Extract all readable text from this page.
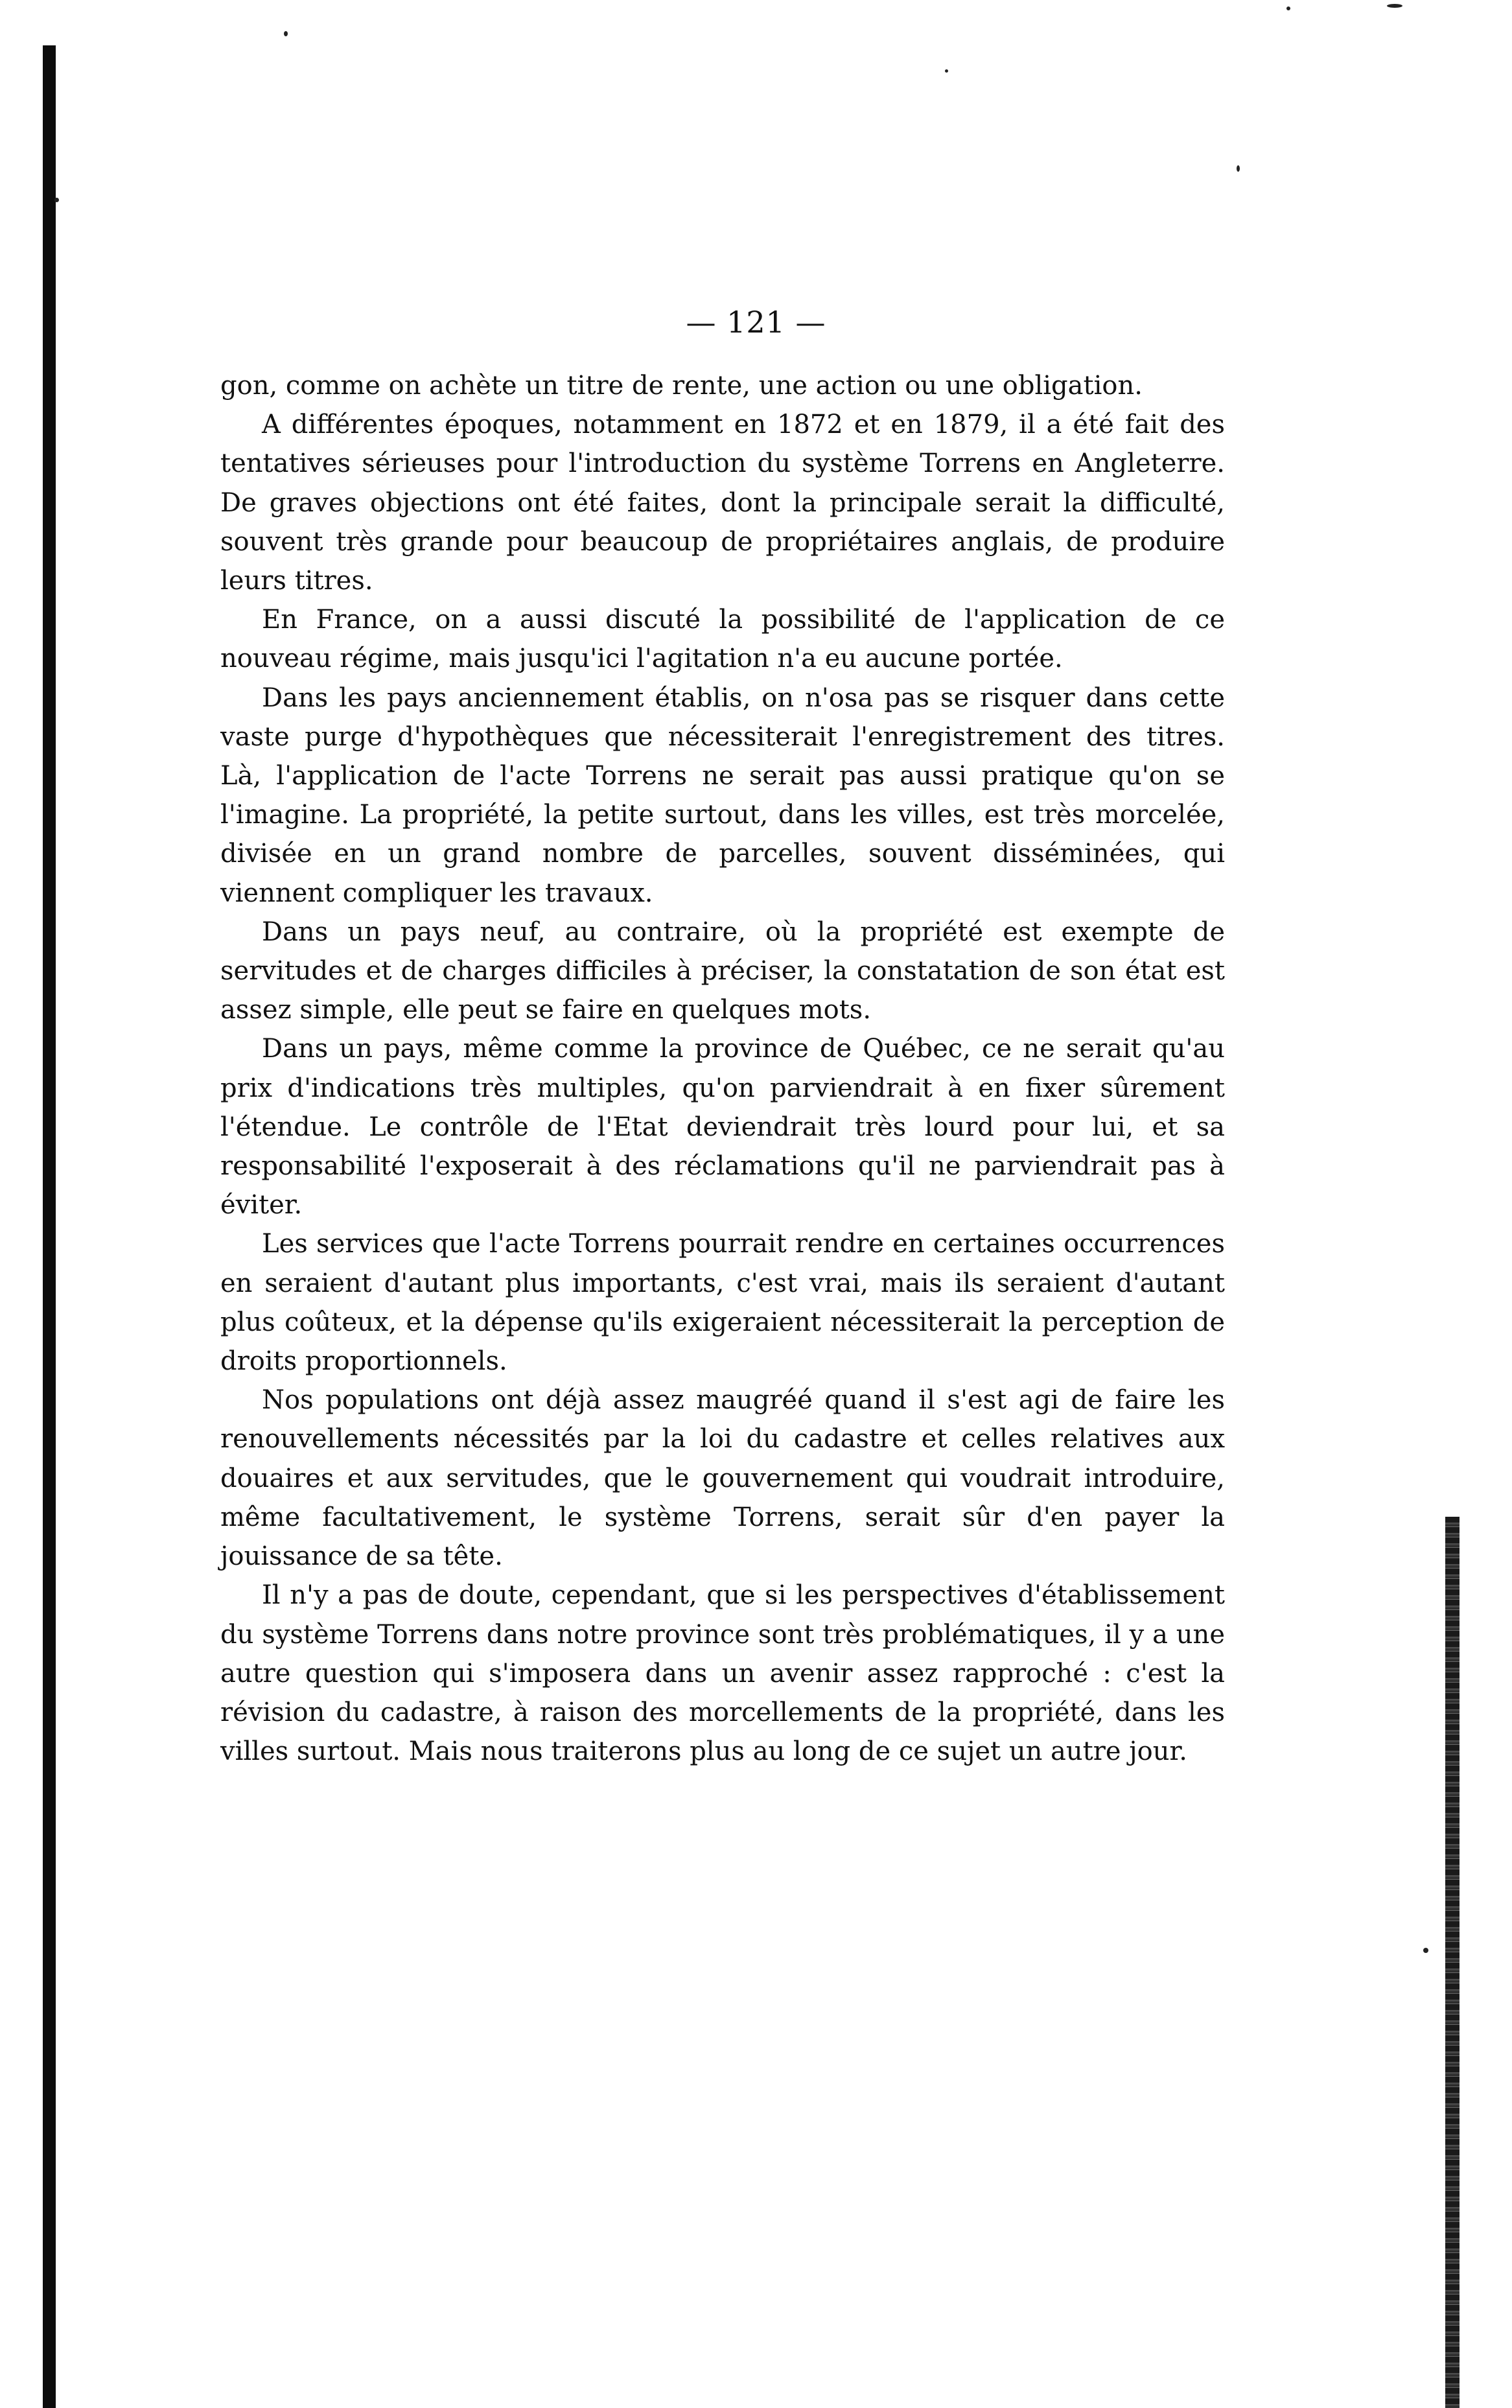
— 121 —

gon, comme on achète un titre de rente, une action ou une obligation.

A différentes époques, notamment en 1872 et en 1879, il a été fait des tentatives sérieuses pour l'introduction du système Torrens en Angleterre. De graves objections ont été faites, dont la principale serait la difficulté, souvent très grande pour beaucoup de propriétaires anglais, de produire leurs titres.

En France, on a aussi discuté la possibilité de l'application de ce nouveau régime, mais jusqu'ici l'agitation n'a eu aucune portée.

Dans les pays anciennement établis, on n'osa pas se risquer dans cette vaste purge d'hypothèques que nécessiterait l'enregistrement des titres. Là, l'application de l'acte Torrens ne serait pas aussi pratique qu'on se l'imagine. La propriété, la petite surtout, dans les villes, est très morcelée, divisée en un grand nombre de parcelles, souvent disséminées, qui viennent compliquer les travaux.

Dans un pays neuf, au contraire, où la propriété est exempte de servitudes et de charges difficiles à préciser, la constatation de son état est assez simple, elle peut se faire en quelques mots.

Dans un pays, même comme la province de Québec, ce ne serait qu'au prix d'indications très multiples, qu'on parviendrait à en fixer sûrement l'étendue. Le contrôle de l'Etat deviendrait très lourd pour lui, et sa responsabilité l'exposerait à des réclamations qu'il ne parviendrait pas à éviter.

Les services que l'acte Torrens pourrait rendre en certaines occurrences en seraient d'autant plus importants, c'est vrai, mais ils seraient d'autant plus coûteux, et la dépense qu'ils exigeraient nécessiterait la perception de droits proportionnels.

Nos populations ont déjà assez maugréé quand il s'est agi de faire les renouvellements nécessités par la loi du cadastre et celles relatives aux douaires et aux servitudes, que le gouvernement qui voudrait introduire, même facultativement, le système Torrens, serait sûr d'en payer la jouissance de sa tête.

Il n'y a pas de doute, cependant, que si les perspectives d'établissement du système Torrens dans notre province sont très problématiques, il y a une autre question qui s'imposera dans un avenir assez rapproché : c'est la révision du cadastre, à raison des morcellements de la propriété, dans les villes surtout. Mais nous traiterons plus au long de ce sujet un autre jour.
